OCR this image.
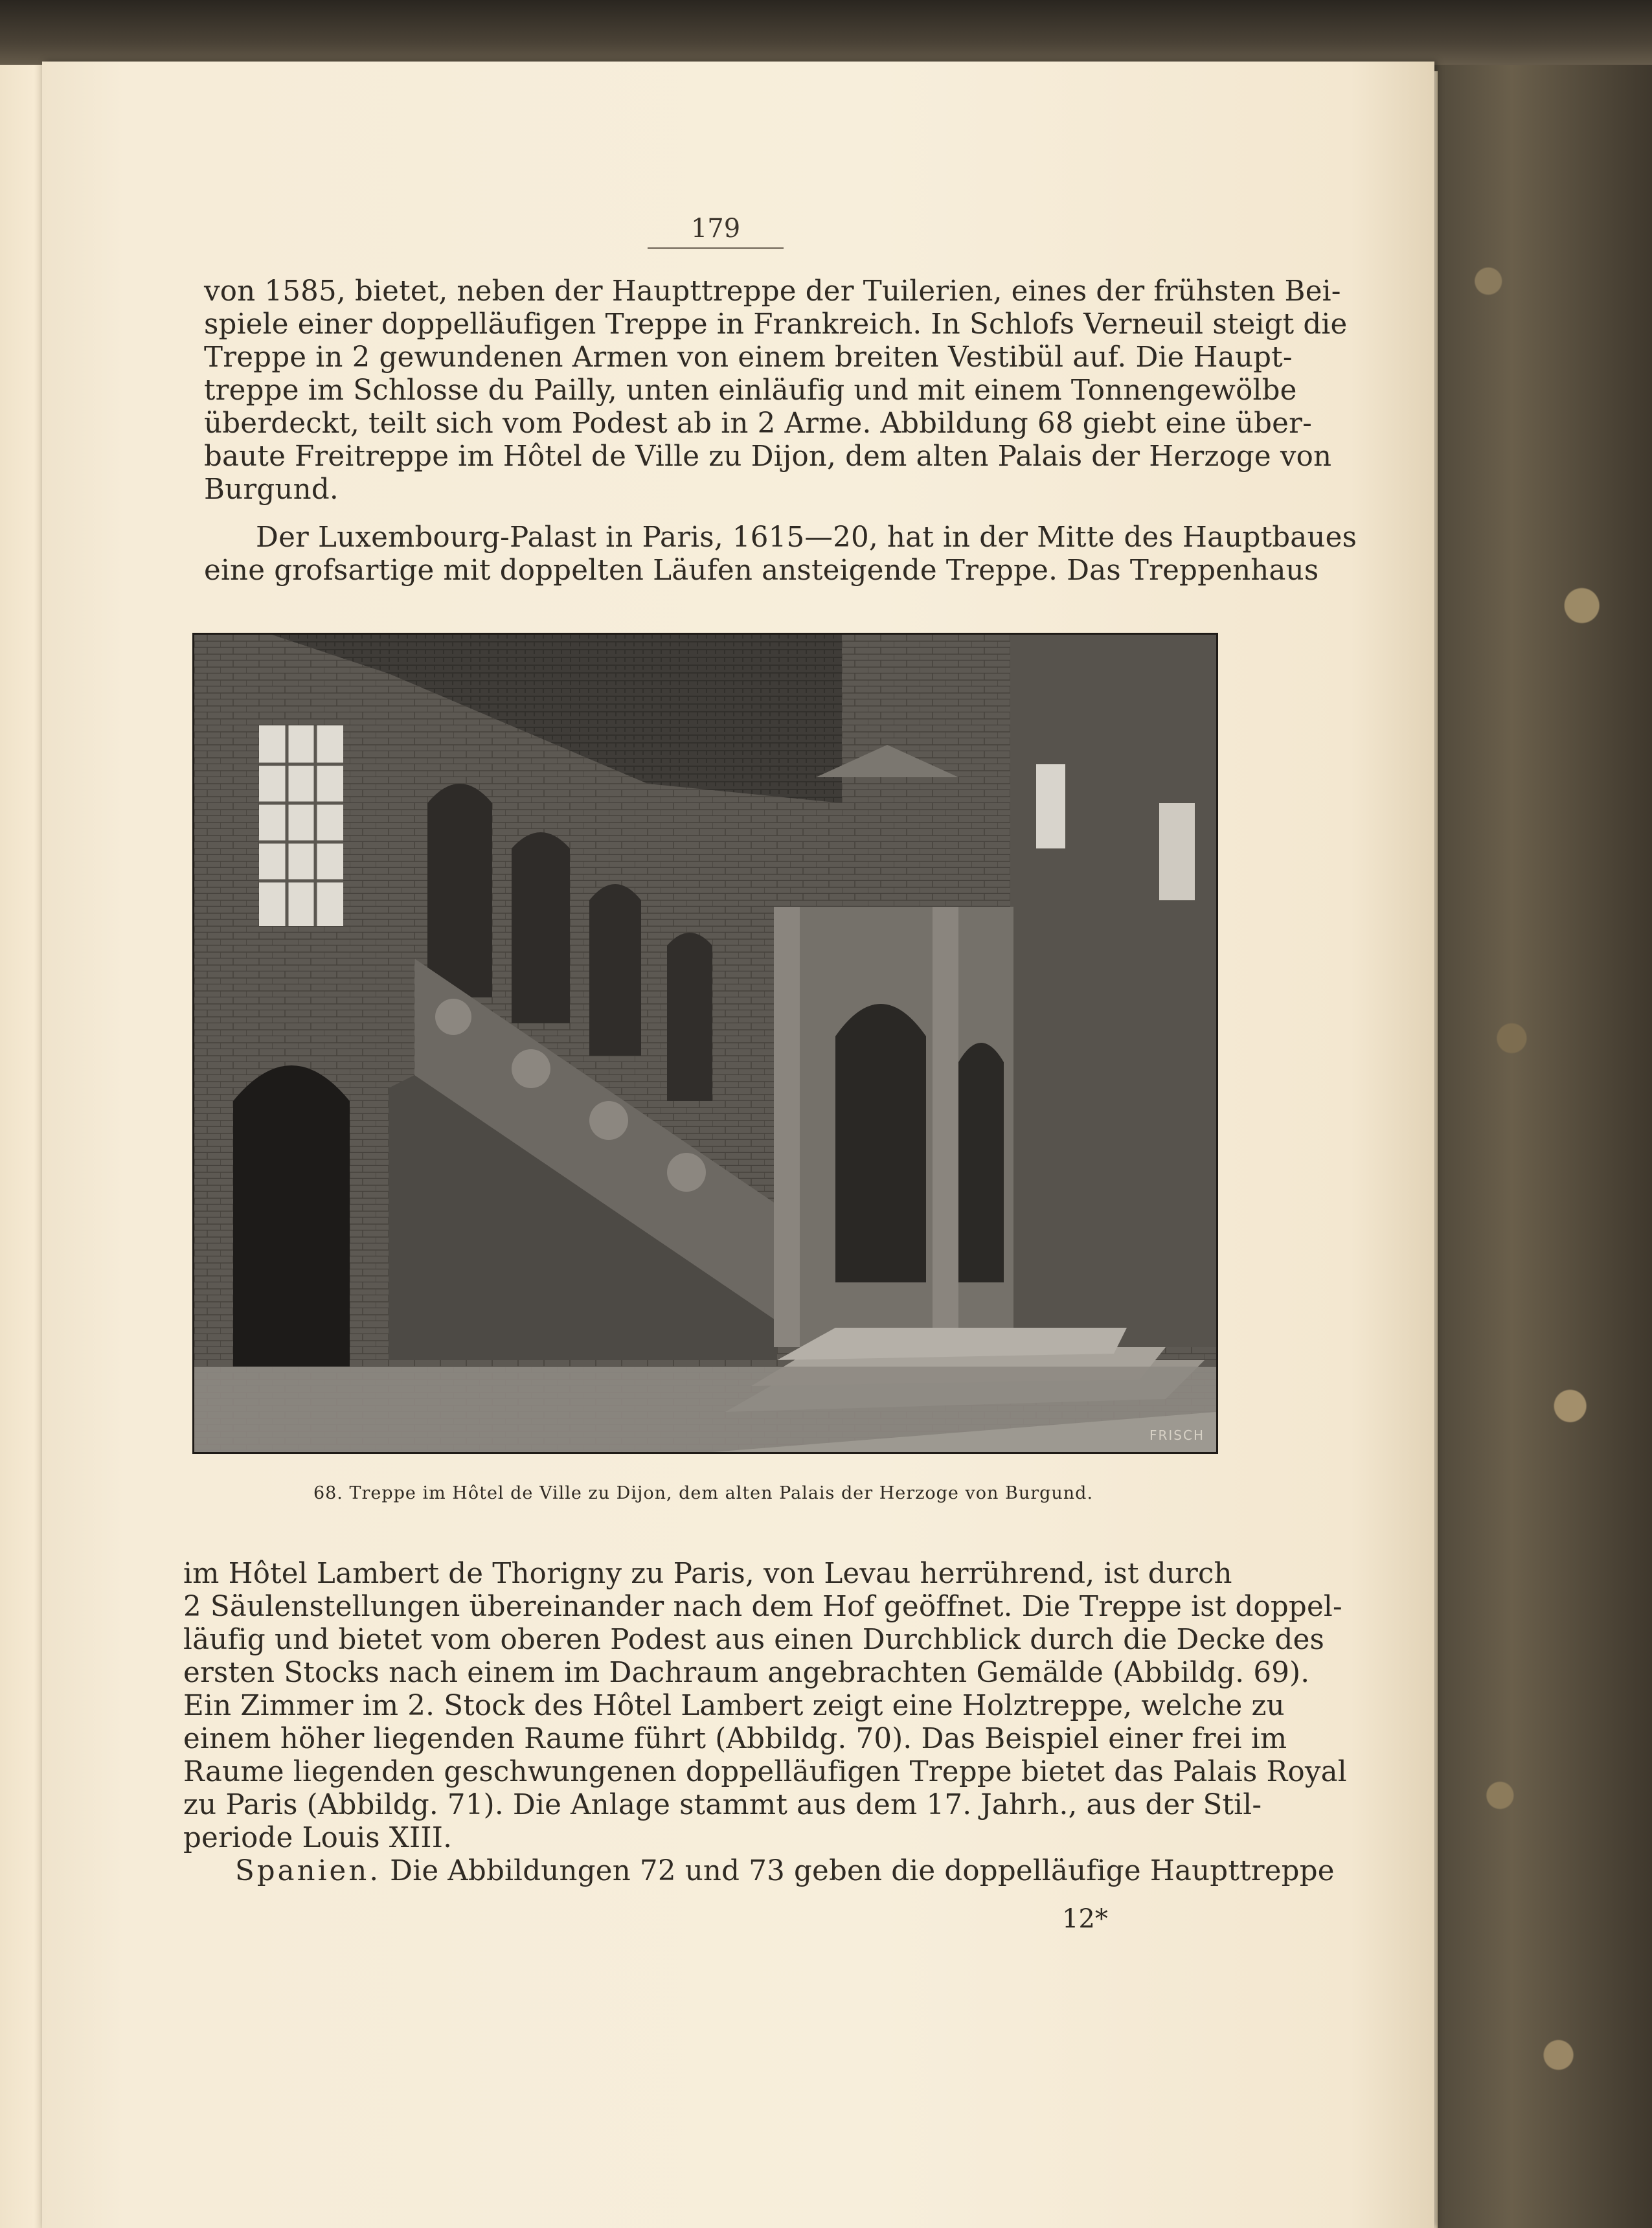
179

von 1585, bietet, neben der Haupttreppe der Tuilerien, eines der frühsten Bei-
spiele einer doppelläufigen Treppe in Frankreich. In Schlofs Verneuil steigt die
Treppe in 2 gewundenen Armen von einem breiten Vestibül auf. Die Haupt-
treppe im Schlosse du Pailly, unten einläufig und mit einem Tonnengewölbe
überdeckt, teilt sich vom Podest ab in 2 Arme. Abbildung 68 giebt eine über-
baute Freitreppe im Hôtel de Ville zu Dijon, dem alten Palais der Herzoge von
Burgund.

Der Luxembourg-Palast in Paris, 1615—20, hat in der Mitte des Hauptbaues
eine grofsartige mit doppelten Läufen ansteigende Treppe. Das Treppenhaus

FRISCH
68. Treppe im Hôtel de Ville zu Dijon, dem alten Palais der Herzoge von Burgund.

im Hôtel Lambert de Thorigny zu Paris, von Levau herrührend, ist durch
2 Säulenstellungen übereinander nach dem Hof geöffnet. Die Treppe ist doppel-
läufig und bietet vom oberen Podest aus einen Durchblick durch die Decke des
ersten Stocks nach einem im Dachraum angebrachten Gemälde (Abbildg. 69).
Ein Zimmer im 2. Stock des Hôtel Lambert zeigt eine Holztreppe, welche zu
einem höher liegenden Raume führt (Abbildg. 70). Das Beispiel einer frei im
Raume liegenden geschwungenen doppelläufigen Treppe bietet das Palais Royal
zu Paris (Abbildg. 71). Die Anlage stammt aus dem 17. Jahrh., aus der Stil-
periode Louis XIII.
Spanien. Die Abbildungen 72 und 73 geben die doppelläufige Haupttreppe

12*
